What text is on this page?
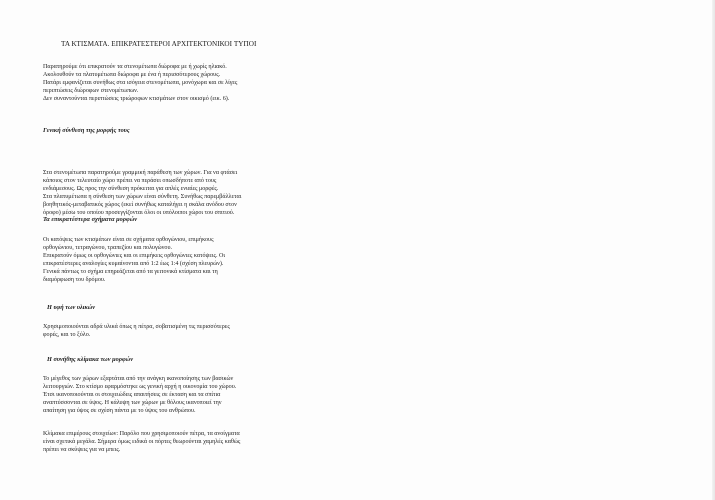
ΤΑ ΚΤΙΣΜΑΤΑ. ΕΠΙΚΡΑΤΕΣΤΕΡΟΙ ΑΡΧΙΤΕΚΤΟΝΙΚΟΙ ΤΥΠΟΙ
Παρατηρούμε ότι επικρατούν τα στενομέτωπα διώροφα με ή χωρίς ηλιακό.
Ακολουθούν τα πλατυμέτωπα διώροφα με ένα ή περισσότερους χώρους.
Πατάρι εμφανίζεται συνήθως στα ισόγεια στενομέτωπα, μονόχωρα και σε λίγες
περιπτώσεις διώροφων στενομέτωπων.
Δεν συναντούνται περιπτώσεις τριώροφων κτισμάτων στον οικισμό (εικ. 6).
Γενική σύνθεση της μορφής τους
Στα στενομέτωπα παρατηρούμε γραμμική παράθεση των χώρων. Για να φτάσει
κάποιος στον τελευταίο χώρο πρέπει να περάσει οπωσδήποτε από τους
ενδιάμεσους. Ως προς την σύνθεση πρόκειται για απλές ενιαίες μορφές.
Στα πλατυμέτωπα η σύνθεση των χώρων είναι σύνθετη. Συνήθως παρεμβάλλεται
βοηθητικός-μεταβατικός χώρος (εκεί συνήθως καταλήγει η σκάλα ανόδου στον
όροφο) μέσω του οποίου προσεγγίζονται όλοι οι υπόλοιποι χώροι του σπιτιού.
Τα επικρατέστερα σχήματα μορφών
Οι κατόψεις των κτισμάτων είναι σε σχήματα ορθογώνιου, επιμήκους
ορθογώνιου, τετραγώνου, τραπεζίου και πολυγώνου.
Επικρατούν όμως οι ορθογώνιες και οι επιμήκεις ορθογώνιες κατόψεις. Οι
επικρατέστερες αναλογίες κυμαίνονται από 1:2 έως 1:4 (σχέση πλευρών).
Γενικά πάντως το σχήμα επηρεάζεται από τα γειτονικά κτίσματα και τη
διαμόρφωση του δρόμου.
Η υφή των υλικών
Χρησιμοποιούνται αδρά υλικά όπως η πέτρα, σοβατισμένη τις περισσότερες
φορές, και το ξύλο.
Η συνήθης κλίμακα των μορφών
Το μέγεθος των χώρων εξαρτάται από την ανάγκη ικανοποίησης των βασικών
λειτουργιών. Στο κτίσμο εφαρμόστηκε ως γενική αρχή η οικονομία του χώρου.
Έτσι ικανοποιούνται οι στοιχειώδεις απαιτήσεις σε έκταση και τα σπίτια
αναπτύσσονται σε ύψος. Η κάλυψη των χώρων με θόλους ικανοποιεί την
απαίτηση για ύψος σε σχέση πάντα με το ύψος του ανθρώπου.
Κλίμακα επιμέρους στοιχείων: Παρόλο που χρησιμοποιούν πέτρα, τα ανοίγματα
είναι σχετικά μεγάλα. Σήμερα όμως ειδικά οι πόρτες θεωρούνται χαμηλές καθώς
πρέπει να σκύψεις για να μπεις.
